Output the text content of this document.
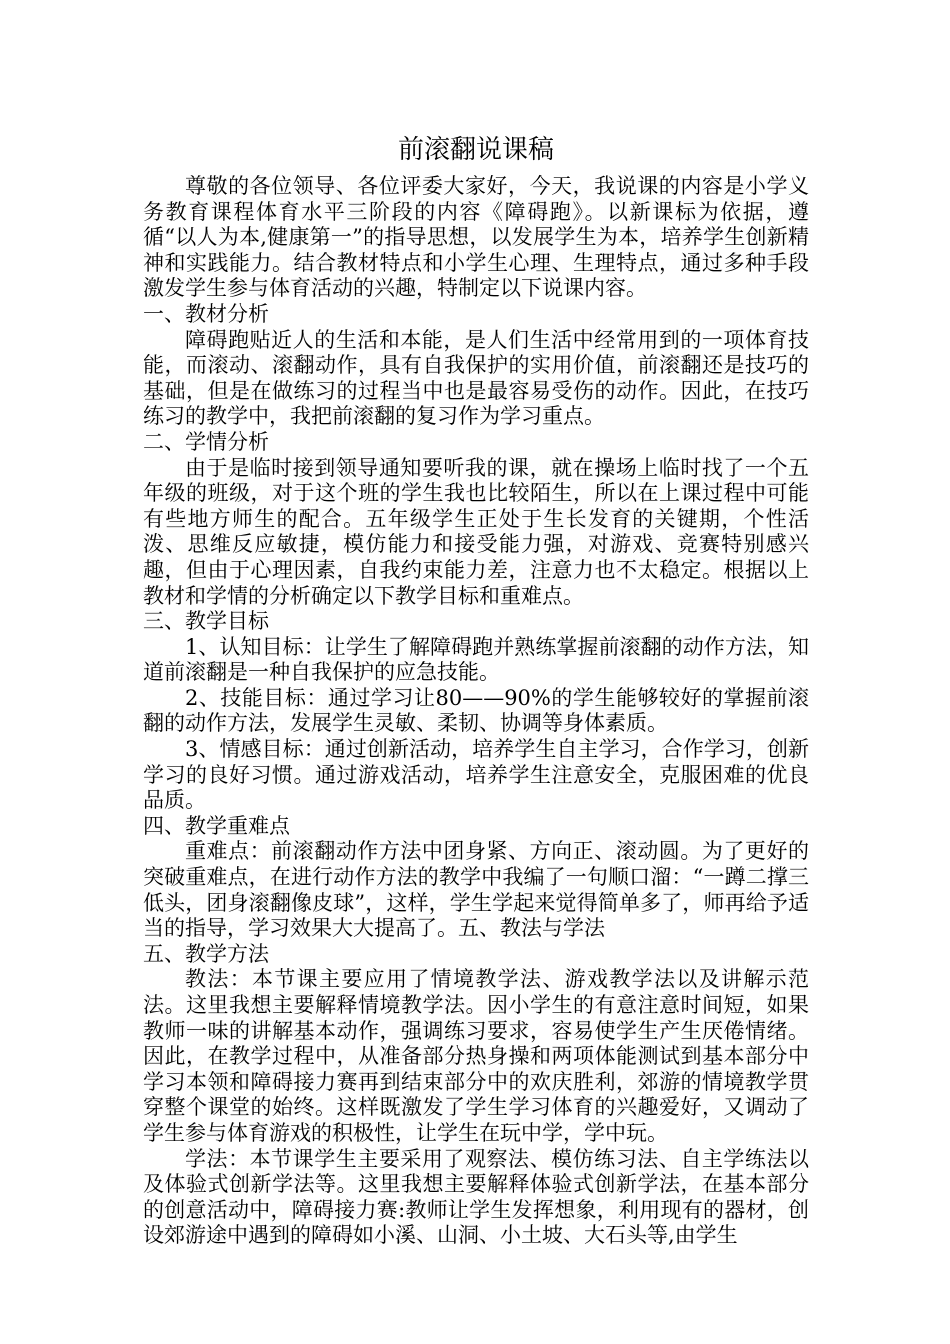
前滚翻说课稿

尊敬的各位领导、各位评委大家好，今天，我说课的内容是小学义务教育课程体育水平三阶段的内容《障碍跑》。以新课标为依据，遵循“以人为本,健康第一”的指导思想，以发展学生为本，培养学生创新精神和实践能力。结合教材特点和小学生心理、生理特点，通过多种手段激发学生参与体育活动的兴趣，特制定以下说课内容。

一、教材分析

障碍跑贴近人的生活和本能，是人们生活中经常用到的一项体育技能，而滚动、滚翻动作，具有自我保护的实用价值，前滚翻还是技巧的基础，但是在做练习的过程当中也是最容易受伤的动作。因此，在技巧练习的教学中，我把前滚翻的复习作为学习重点。

二、学情分析

由于是临时接到领导通知要听我的课，就在操场上临时找了一个五年级的班级，对于这个班的学生我也比较陌生，所以在上课过程中可能有些地方师生的配合。五年级学生正处于生长发育的关键期，个性活泼、思维反应敏捷，模仿能力和接受能力强，对游戏、竞赛特别感兴趣，但由于心理因素，自我约束能力差，注意力也不太稳定。根据以上教材和学情的分析确定以下教学目标和重难点。

三、教学目标

1、认知目标：让学生了解障碍跑并熟练掌握前滚翻的动作方法，知道前滚翻是一种自我保护的应急技能。

2、技能目标：通过学习让80——90%的学生能够较好的掌握前滚翻的动作方法，发展学生灵敏、柔韧、协调等身体素质。

3、情感目标：通过创新活动，培养学生自主学习，合作学习，创新学习的良好习惯。通过游戏活动，培养学生注意安全，克服困难的优良品质。

四、教学重难点

重难点：前滚翻动作方法中团身紧、方向正、滚动圆。为了更好的突破重难点，在进行动作方法的教学中我编了一句顺口溜：“一蹲二撑三低头，团身滚翻像皮球”，这样，学生学起来觉得简单多了，师再给予适当的指导，学习效果大大提高了。五、教法与学法

五、教学方法

教法：本节课主要应用了情境教学法、游戏教学法以及讲解示范法。这里我想主要解释情境教学法。因小学生的有意注意时间短，如果教师一味的讲解基本动作，强调练习要求，容易使学生产生厌倦情绪。因此，在教学过程中，从准备部分热身操和两项体能测试到基本部分中学习本领和障碍接力赛再到结束部分中的欢庆胜利，郊游的情境教学贯穿整个课堂的始终。这样既激发了学生学习体育的兴趣爱好，又调动了学生参与体育游戏的积极性，让学生在玩中学，学中玩。

学法：本节课学生主要采用了观察法、模仿练习法、自主学练法以及体验式创新学法等。这里我想主要解释体验式创新学法，在基本部分的创意活动中，障碍接力赛:教师让学生发挥想象，利用现有的器材，创设郊游途中遇到的障碍如小溪、山洞、小土坡、大石头等,由学生
